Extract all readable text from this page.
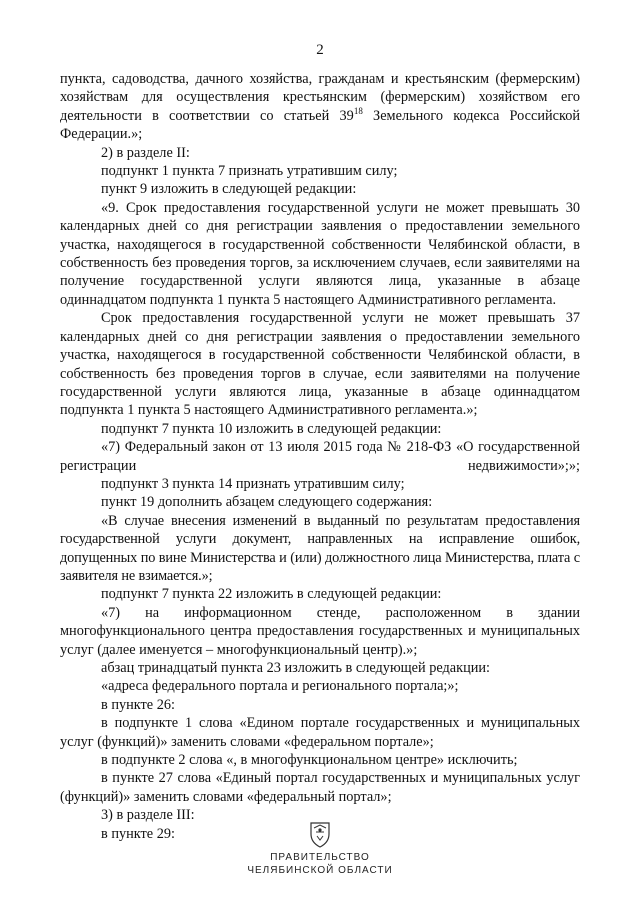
2

пункта, садоводства, дачного хозяйства, гражданам и крестьянским (фермерским) хозяйствам для осуществления крестьянским (фермерским) хозяйством его деятельности в соответствии со статьей $39^{18}$ Земельного кодекса Российской Федерации.»;

2) в разделе II:

подпункт 1 пункта 7 признать утратившим силу;

пункт 9 изложить в следующей редакции:

«9. Срок предоставления государственной услуги не может превышать 30 календарных дней со дня регистрации заявления о предоставлении земельного участка, находящегося в государственной собственности Челябинской области, в собственность без проведения торгов, за исключением случаев, если заявителями на получение государственной услуги являются лица, указанные в абзаце одиннадцатом подпункта 1 пункта 5 настоящего Административного регламента.

Срок предоставления государственной услуги не может превышать 37 календарных дней со дня регистрации заявления о предоставлении земельного участка, находящегося в государственной собственности Челябинской области, в собственность без проведения торгов в случае, если заявителями на получение государственной услуги являются лица, указанные в абзаце одиннадцатом подпункта 1 пункта 5 настоящего Административного регламента.»;

подпункт 7 пункта 10 изложить в следующей редакции:

«7) Федеральный закон от 13 июля 2015 года № 218-ФЗ «О государственной регистрации недвижимости»;»;

подпункт 3 пункта 14 признать утратившим силу;

пункт 19 дополнить абзацем следующего содержания:

«В случае внесения изменений в выданный по результатам предоставления государственной услуги документ, направленных на исправление ошибок, допущенных по вине Министерства и (или) должностного лица Министерства, плата с заявителя не взимается.»;

подпункт 7 пункта 22 изложить в следующей редакции:

«7) на информационном стенде, расположенном в здании многофункционального центра предоставления государственных и муниципальных услуг (далее именуется – многофункциональный центр).»;

абзац тринадцатый пункта 23 изложить в следующей редакции:

«адреса федерального портала и регионального портала;»;

в пункте 26:

в подпункте 1 слова «Едином портале государственных и муниципальных услуг (функций)» заменить словами «федеральном портале»;

в подпункте 2 слова «, в многофункциональном центре» исключить;

в пункте 27 слова «Единый портал государственных и муниципальных услуг (функций)» заменить словами «федеральный портал»;

3) в разделе III:

в пункте 29:

ПРАВИТЕЛЬСТВО
ЧЕЛЯБИНСКОЙ ОБЛАСТИ
